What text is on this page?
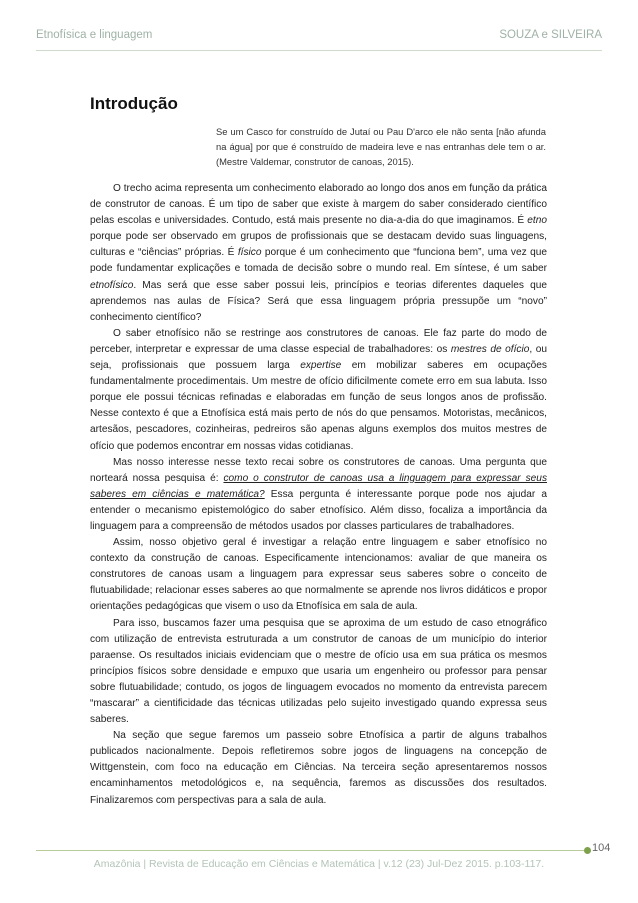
Etnofísica e linguagem	SOUZA e SILVEIRA
Introdução

Se um Casco for construído de Jutaí ou Pau D'arco ele não senta [não afunda na água] por que é construído de madeira leve e nas entranhas dele tem o ar. (Mestre Valdemar, construtor de canoas, 2015).

O trecho acima representa um conhecimento elaborado ao longo dos anos em função da prática de construtor de canoas. É um tipo de saber que existe à margem do saber considerado científico pelas escolas e universidades. Contudo, está mais presente no dia-a-dia do que imaginamos. É etno porque pode ser observado em grupos de profissionais que se destacam devido suas linguagens, culturas e “ciências” próprias. É físico porque é um conhecimento que “funciona bem”, uma vez que pode fundamentar explicações e tomada de decisão sobre o mundo real. Em síntese, é um saber etnofísico. Mas será que esse saber possui leis, princípios e teorias diferentes daqueles que aprendemos nas aulas de Física? Será que essa linguagem própria pressupõe um “novo” conhecimento científico?

O saber etnofísico não se restringe aos construtores de canoas. Ele faz parte do modo de perceber, interpretar e expressar de uma classe especial de trabalhadores: os mestres de ofício, ou seja, profissionais que possuem larga expertise em mobilizar saberes em ocupações fundamentalmente procedimentais. Um mestre de ofício dificilmente comete erro em sua labuta. Isso porque ele possui técnicas refinadas e elaboradas em função de seus longos anos de profissão. Nesse contexto é que a Etnofísica está mais perto de nós do que pensamos. Motoristas, mecânicos, artesãos, pescadores, cozinheiras, pedreiros são apenas alguns exemplos dos muitos mestres de ofício que podemos encontrar em nossas vidas cotidianas.

Mas nosso interesse nesse texto recai sobre os construtores de canoas. Uma pergunta que norteará nossa pesquisa é: como o construtor de canoas usa a linguagem para expressar seus saberes em ciências e matemática? Essa pergunta é interessante porque pode nos ajudar a entender o mecanismo epistemológico do saber etnofísico. Além disso, focaliza a importância da linguagem para a compreensão de métodos usados por classes particulares de trabalhadores.

Assim, nosso objetivo geral é investigar a relação entre linguagem e saber etnofísico no contexto da construção de canoas. Especificamente intencionamos: avaliar de que maneira os construtores de canoas usam a linguagem para expressar seus saberes sobre o conceito de flutuabilidade; relacionar esses saberes ao que normalmente se aprende nos livros didáticos e propor orientações pedagógicas que visem o uso da Etnofísica em sala de aula.

Para isso, buscamos fazer uma pesquisa que se aproxima de um estudo de caso etnográfico com utilização de entrevista estruturada a um construtor de canoas de um município do interior paraense. Os resultados iniciais evidenciam que o mestre de ofício usa em sua prática os mesmos princípios físicos sobre densidade e empuxo que usaria um engenheiro ou professor para pensar sobre flutuabilidade; contudo, os jogos de linguagem evocados no momento da entrevista parecem “mascarar” a cientificidade das técnicas utilizadas pelo sujeito investigado quando expressa seus saberes.

Na seção que segue faremos um passeio sobre Etnofísica a partir de alguns trabalhos publicados nacionalmente. Depois refletiremos sobre jogos de linguagens na concepção de Wittgenstein, com foco na educação em Ciências. Na terceira seção apresentaremos nossos encaminhamentos metodológicos e, na sequência, faremos as discussões dos resultados. Finalizaremos com perspectivas para a sala de aula.

104
Amazônia | Revista de Educação em Ciências e Matemática | v.12 (23) Jul-Dez 2015. p.103-117.
